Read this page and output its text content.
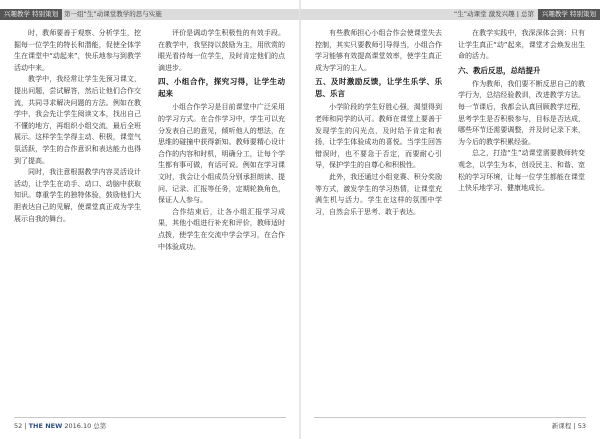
兴趣教学 特别策划 第一组“生”动课堂教学的思与实施

时，教师要善于观察、分析学生，挖掘每一位学生的特长和潜能，促使全体学生在课堂中“动起来”，快乐地参与到教学活动中来。

教学中，我经常让学生先预习课文，提出问题，尝试解答，然后让他们合作交流，共同寻求解决问题的方法。例如在教学中，我会先让学生阅读文本，找出自己不懂的地方，再组织小组交流，最后全班展示。这样学生学得主动、积极，课堂气氛活跃，学生的合作意识和表达能力也得到了提高。

同时，我注意根据教学内容灵活设计活动，让学生在动手、动口、动脑中获取知识。尊重学生的独特体验，鼓励他们大胆表达自己的见解，使课堂真正成为学生展示自我的舞台。

评价是调动学生积极性的有效手段。在教学中，我坚持以鼓励为主，用欣赏的眼光看待每一位学生，及时肯定他们的点滴进步。

四、小组合作，探究习得，让学生动起来

小组合作学习是目前课堂中广泛采用的学习方式。在合作学习中，学生可以充分发表自己的意见，倾听他人的想法，在思维的碰撞中获得新知。教师要精心设计合作的内容和时机，明确分工，让每个学生都有事可做，有话可说。例如在学习课文时，我会让小组成员分别承担朗读、提问、记录、汇报等任务，定期轮换角色，保证人人参与。

合作结束后，让各小组汇报学习成果，其他小组进行补充和评价，教师适时点拨，使学生在交流中学会学习，在合作中体验成功。

52 | THE NEW 2016.10 总第
“生”动课堂 激发兴趣 | 总第	兴趣教学 特别策划

有些教师担心小组合作会使课堂失去控制，其实只要教师引导得当，小组合作学习能够有效提高课堂效率，使学生真正成为学习的主人。

五、及时激励反馈，让学生乐学、乐思、乐言

小学阶段的学生好胜心强，渴望得到老师和同学的认可。教师在课堂上要善于发现学生的闪光点，及时给予肯定和表扬，让学生体验成功的喜悦。当学生回答错误时，也不要急于否定，而要耐心引导，保护学生的自尊心和积极性。

此外，我还通过小组竞赛、积分奖励等方式，激发学生的学习热情，让课堂充满生机与活力。学生在这样的氛围中学习，自然会乐于思考、敢于表达。

在教学实践中，我深深体会到：只有让学生真正“动”起来，课堂才会焕发出生命的活力。

六、教后反思，总结提升

作为教师，我们要不断反思自己的教学行为，总结经验教训，改进教学方法。每一节课后，我都会认真回顾教学过程，思考学生是否积极参与，目标是否达成，哪些环节还需要调整，并及时记录下来，为今后的教学积累经验。

总之，打造“生”动课堂需要教师转变观念，以学生为本，创设民主、和谐、宽松的学习环境，让每一位学生都能在课堂上快乐地学习、健康地成长。

新课程 | 53
